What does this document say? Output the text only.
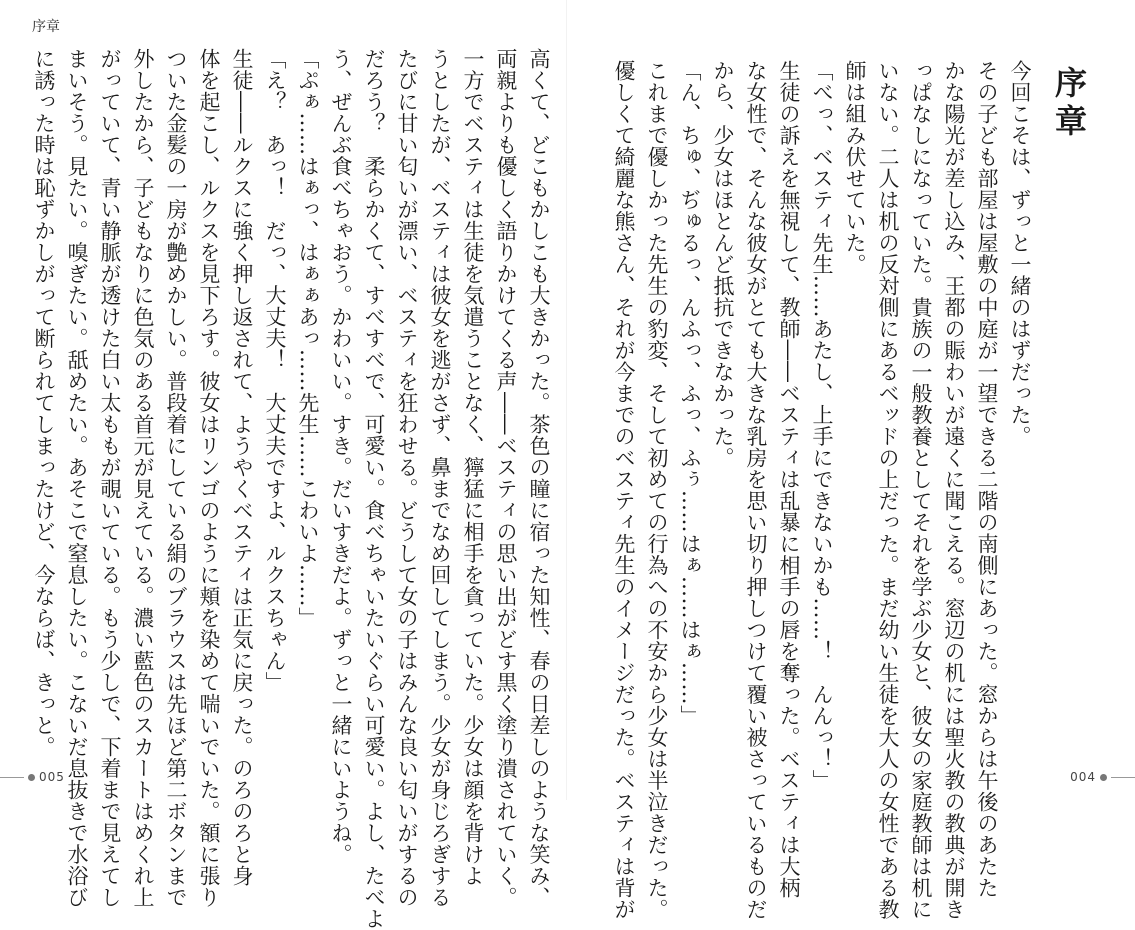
序章
高くて、どこもかしこも大きかった。茶色の瞳に宿った知性、春の日差しのような笑み、
両親よりも優しく語りかけてくる声――ベスティの思い出がどす黒く塗り潰されていく。
一方でベスティは生徒を気遣うことなく、獰猛に相手を貪っていた。少女は顔を背けよ
うとしたが、ベスティは彼女を逃がさず、鼻までなめ回してしまう。少女が身じろぎする
たびに甘い匂いが漂い、ベスティを狂わせる。どうして女の子はみんな良い匂いがするの
だろう？　柔らかくて、すべすべで、可愛い。食べちゃいたいぐらい可愛い。よし、たべよ
う、ぜんぶ食べちゃおう。かわいい。すき。だいすきだよ。ずっと一緒にいようね。
「ぷぁ……はぁっ、はぁぁあっ……先生……こわいよ……」
「え？　あっ！　だっ、大丈夫！　大丈夫ですよ、ルクスちゃん」
生徒――ルクスに強く押し返されて、ようやくベスティは正気に戻った。のろのろと身
体を起こし、ルクスを見下ろす。彼女はリンゴのように頬を染めて喘いでいた。額に張り
ついた金髪の一房が艶めかしい。普段着にしている絹のブラウスは先ほど第二ボタンまで
外したから、子どもなりに色気のある首元が見えている。濃い藍色のスカートはめくれ上
がっていて、青い静脈が透けた白い太ももが覗いている。もう少しで、下着まで見えてし
まいそう。見たい。嗅ぎたい。舐めたい。あそこで窒息したい。こないだ息抜きで水浴び
に誘った時は恥ずかしがって断られてしまったけど、今ならば、きっと。
005
序章
今回こそは、ずっと一緒のはずだった。
その子ども部屋は屋敷の中庭が一望できる二階の南側にあった。窓からは午後のあたた
かな陽光が差し込み、王都の賑わいが遠くに聞こえる。窓辺の机には聖火教の教典が開き
っぱなしになっていた。貴族の一般教養としてそれを学ぶ少女と、彼女の家庭教師は机に
いない。二人は机の反対側にあるベッドの上だった。まだ幼い生徒を大人の女性である教
師は組み伏せていた。
「べっ、ベスティ先生……あたし、上手にできないかも……！　んんっ！」
生徒の訴えを無視して、教師――ベスティは乱暴に相手の唇を奪った。ベスティは大柄
な女性で、そんな彼女がとても大きな乳房を思い切り押しつけて覆い被さっているものだ
から、少女はほとんど抵抗できなかった。
「ん、ちゅ、ぢゅるっ、んふっ、ふっ、ふぅ……はぁ……はぁ……」
これまで優しかった先生の豹変、そして初めての行為への不安から少女は半泣きだった。
優しくて綺麗な熊さん、それが今までのベスティ先生のイメージだった。ベスティは背が	004
